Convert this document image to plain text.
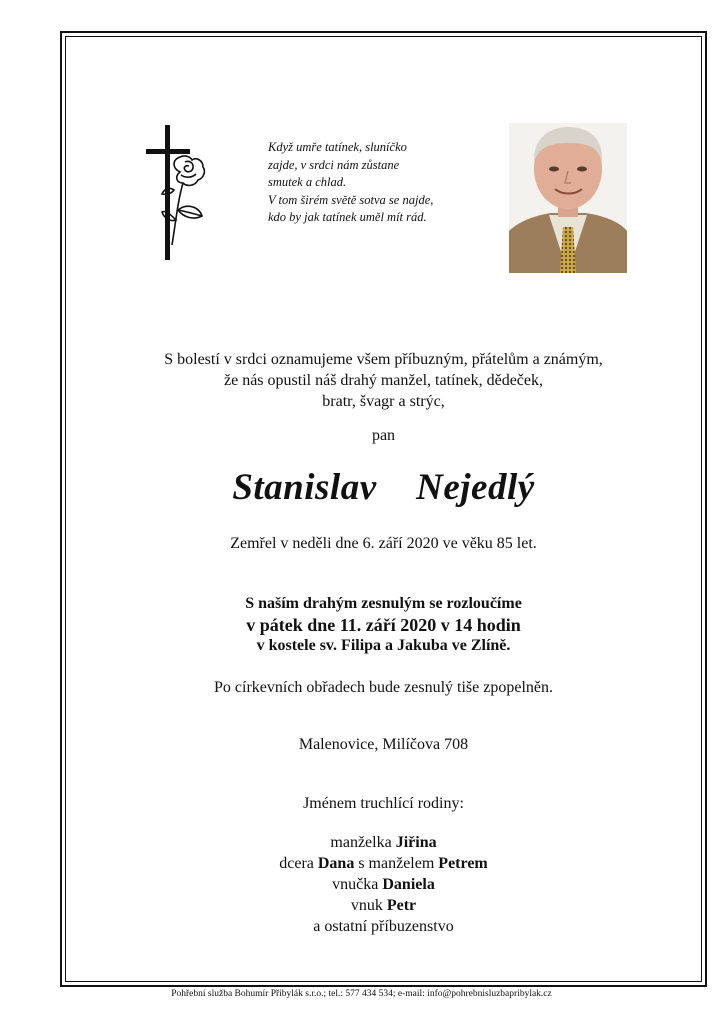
Když umře tatínek, sluníčko
zajde, v srdci nám zůstane
smutek a chlad.
V tom širém světě sotva se najde,
kdo by jak tatínek uměl mít rád.
S bolestí v srdci oznamujeme všem příbuzným, přátelům a známým,
že nás opustil náš drahý manžel, tatínek, dědeček,
bratr, švagr a strýc,
pan
Stanislav  Nejedlý
Zemřel v neděli dne 6. září 2020 ve věku 85 let.
S naším drahým zesnulým se rozloučíme
v pátek dne 11. září 2020 v 14 hodin
v kostele sv. Filipa a Jakuba ve Zlíně.
Po církevních obřadech bude zesnulý tiše zpopelněn.
Malenovice, Milíčova 708
Jménem truchlící rodiny:
manželka Jiřina
dcera Dana s manželem Petrem
vnučka Daniela
vnuk Petr
a ostatní příbuzenstvo
Pohřební služba Bohumír Přibylák s.r.o.; tel.: 577 434 534; e-mail: info@pohrebnisluzbapribylak.cz
